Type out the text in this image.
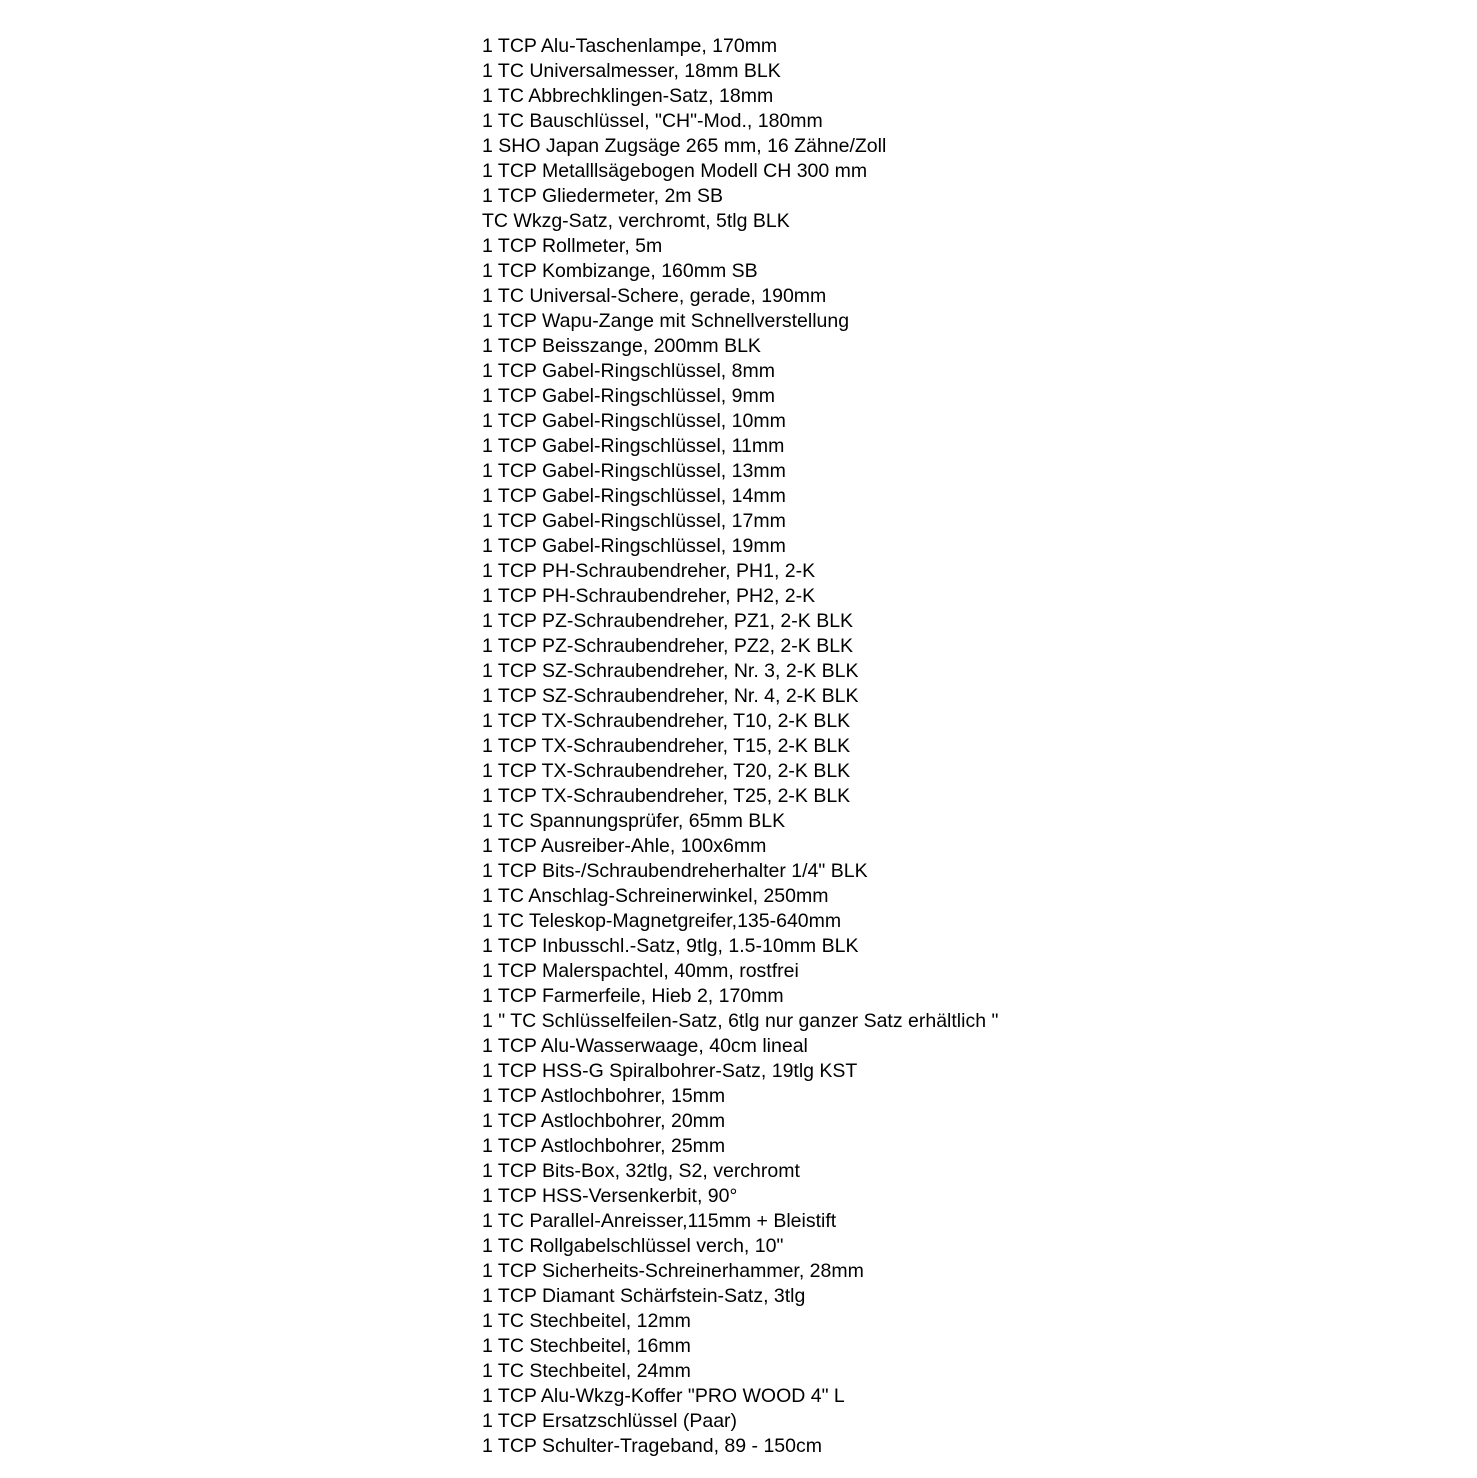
1 TCP Alu-Taschenlampe, 170mm
1 TC Universalmesser, 18mm BLK
1 TC Abbrechklingen-Satz, 18mm
1 TC Bauschlüssel, "CH"-Mod., 180mm
1 SHO Japan Zugsäge 265 mm, 16 Zähne/Zoll
1 TCP Metalllsägebogen Modell CH 300 mm
1 TCP Gliedermeter, 2m SB
TC Wkzg-Satz, verchromt, 5tlg BLK
1 TCP Rollmeter, 5m
1 TCP Kombizange, 160mm SB
1 TC Universal-Schere, gerade, 190mm
1 TCP Wapu-Zange mit Schnellverstellung
1 TCP Beisszange, 200mm BLK
1 TCP Gabel-Ringschlüssel, 8mm
1 TCP Gabel-Ringschlüssel, 9mm
1 TCP Gabel-Ringschlüssel, 10mm
1 TCP Gabel-Ringschlüssel, 11mm
1 TCP Gabel-Ringschlüssel, 13mm
1 TCP Gabel-Ringschlüssel, 14mm
1 TCP Gabel-Ringschlüssel, 17mm
1 TCP Gabel-Ringschlüssel, 19mm
1 TCP PH-Schraubendreher, PH1, 2-K
1 TCP PH-Schraubendreher, PH2, 2-K
1 TCP PZ-Schraubendreher, PZ1, 2-K BLK
1 TCP PZ-Schraubendreher, PZ2, 2-K BLK
1 TCP SZ-Schraubendreher, Nr. 3, 2-K BLK
1 TCP SZ-Schraubendreher, Nr. 4, 2-K BLK
1 TCP TX-Schraubendreher, T10, 2-K BLK
1 TCP TX-Schraubendreher, T15, 2-K BLK
1 TCP TX-Schraubendreher, T20, 2-K BLK
1 TCP TX-Schraubendreher, T25, 2-K BLK
1 TC Spannungsprüfer, 65mm BLK
1 TCP Ausreiber-Ahle, 100x6mm
1 TCP Bits-/Schraubendreherhalter 1/4" BLK
1 TC Anschlag-Schreinerwinkel, 250mm
1 TC Teleskop-Magnetgreifer,135-640mm
1 TCP Inbusschl.-Satz, 9tlg, 1.5-10mm BLK
1 TCP Malerspachtel, 40mm, rostfrei
1 TCP Farmerfeile, Hieb 2, 170mm
1 " TC Schlüsselfeilen-Satz, 6tlg nur ganzer Satz erhältlich "
1 TCP Alu-Wasserwaage, 40cm lineal
1 TCP HSS-G Spiralbohrer-Satz, 19tlg KST
1 TCP Astlochbohrer, 15mm
1 TCP Astlochbohrer, 20mm
1 TCP Astlochbohrer, 25mm
1 TCP Bits-Box, 32tlg, S2, verchromt
1 TCP HSS-Versenkerbit, 90°
1 TC Parallel-Anreisser,115mm + Bleistift
1 TC Rollgabelschlüssel verch, 10"
1 TCP Sicherheits-Schreinerhammer, 28mm
1 TCP Diamant Schärfstein-Satz, 3tlg
1 TC Stechbeitel, 12mm
1 TC Stechbeitel, 16mm
1 TC Stechbeitel, 24mm
1 TCP Alu-Wkzg-Koffer "PRO WOOD 4" L
1 TCP Ersatzschlüssel (Paar)
1 TCP Schulter-Trageband, 89 - 150cm
